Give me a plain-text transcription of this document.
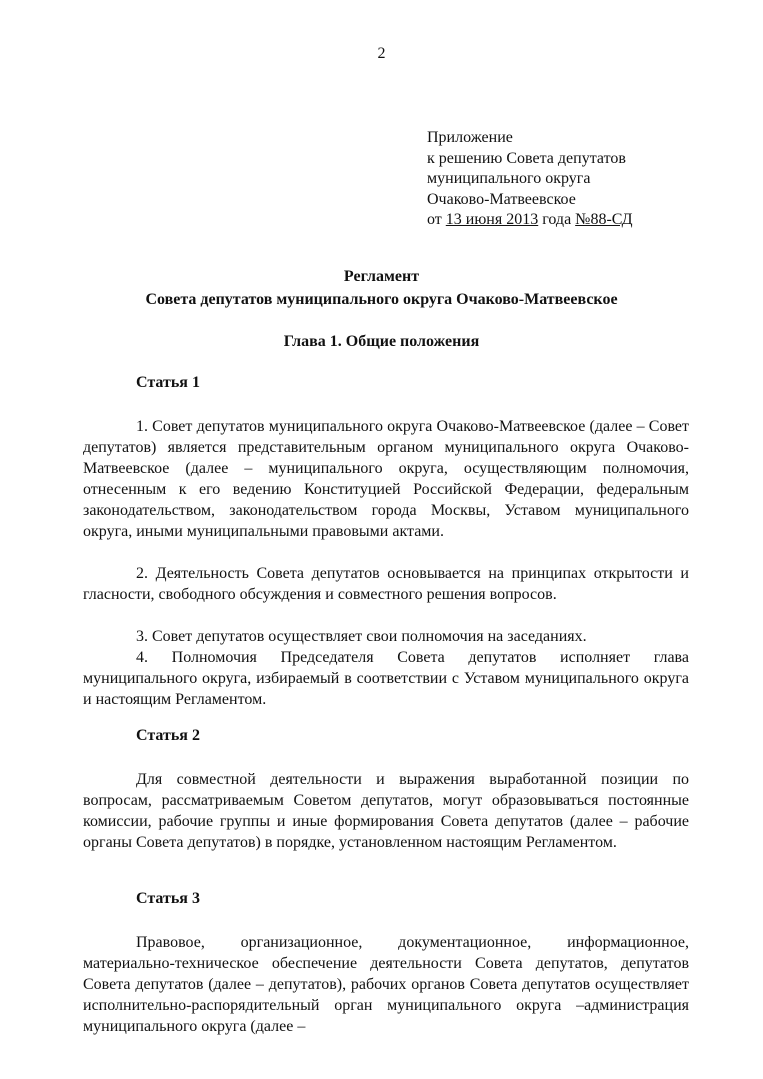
2
Приложение
к решению Совета депутатов
муниципального округа
Очаково-Матвеевское
от 13 июня 2013 года №88-СД
Регламент
Совета депутатов муниципального округа Очаково-Матвеевское
Глава 1. Общие положения
Статья 1
1. Совет депутатов муниципального округа Очаково-Матвеевское (далее – Совет депутатов) является представительным органом муниципального округа Очаково-Матвеевское (далее – муниципального округа, осуществляющим полномочия, отнесенным к его ведению Конституцией Российской Федерации, федеральным законодательством, законодательством города Москвы, Уставом муниципального округа, иными муниципальными правовыми актами.
2. Деятельность Совета депутатов основывается на принципах открытости и гласности, свободного обсуждения и совместного решения вопросов.
3. Совет депутатов осуществляет свои полномочия на заседаниях.
4. Полномочия Председателя Совета депутатов исполняет глава муниципального округа, избираемый в соответствии с Уставом муниципального округа и настоящим Регламентом.
Статья 2
Для совместной деятельности и выражения выработанной позиции по вопросам, рассматриваемым Советом депутатов, могут образовываться постоянные комиссии, рабочие группы и иные формирования Совета депутатов (далее – рабочие органы Совета депутатов) в порядке, установленном настоящим Регламентом.
Статья 3
Правовое, организационное, документационное, информационное, материально-техническое обеспечение деятельности Совета депутатов, депутатов Совета депутатов (далее – депутатов), рабочих органов Совета депутатов осуществляет исполнительно-распорядительный орган муниципального округа –администрация муниципального округа (далее –
